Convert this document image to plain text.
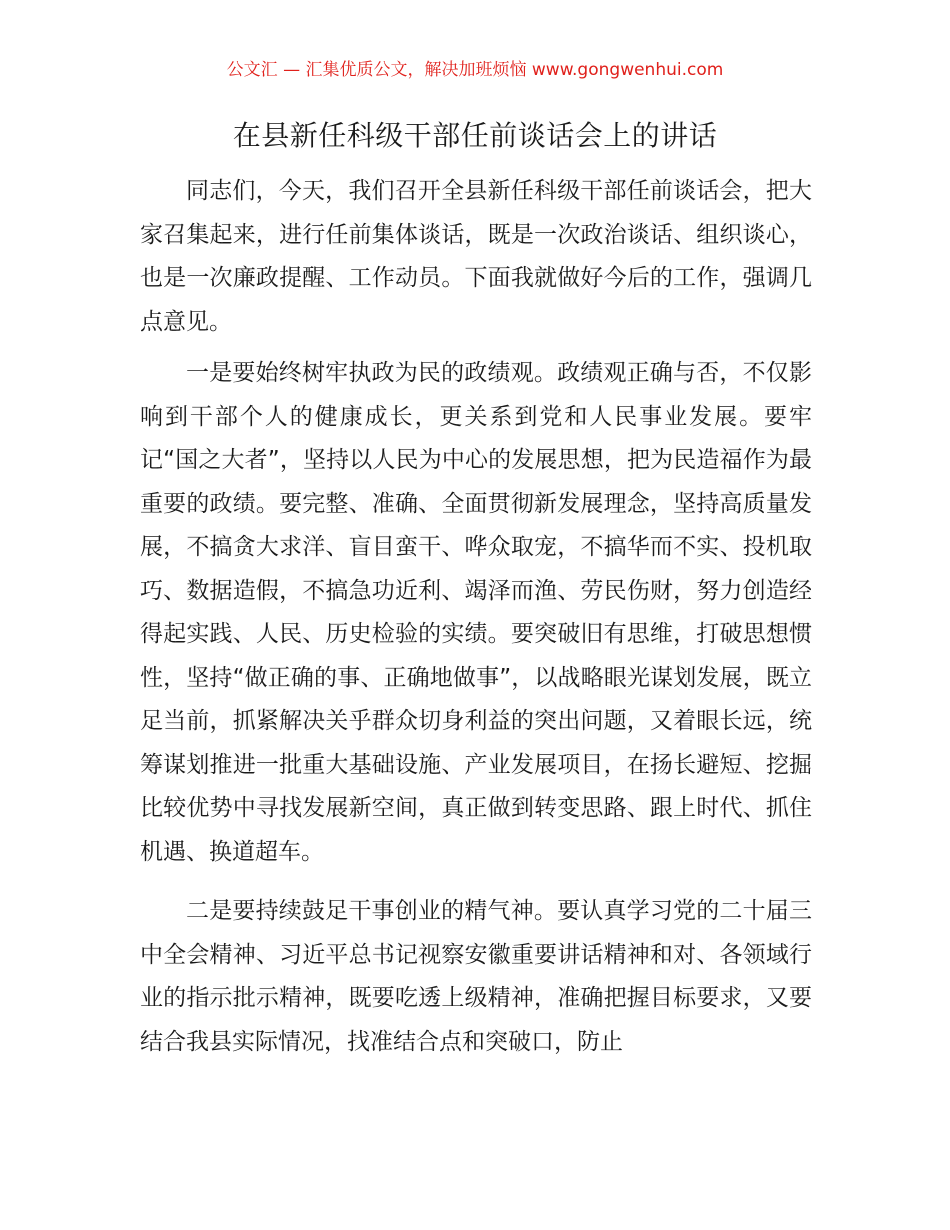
公文汇 — 汇集优质公文，解决加班烦恼 www.gongwenhui.com
在县新任科级干部任前谈话会上的讲话

同志们，今天，我们召开全县新任科级干部任前谈话会，把大家召集起来，进行任前集体谈话，既是一次政治谈话、组织谈心，也是一次廉政提醒、工作动员。下面我就做好今后的工作，强调几点意见。

一是要始终树牢执政为民的政绩观。政绩观正确与否，不仅影响到干部个人的健康成长，更关系到党和人民事业发展。要牢记“国之大者”，坚持以人民为中心的发展思想，把为民造福作为最重要的政绩。要完整、准确、全面贯彻新发展理念，坚持高质量发展，不搞贪大求洋、盲目蛮干、哗众取宠，不搞华而不实、投机取巧、数据造假，不搞急功近利、竭泽而渔、劳民伤财，努力创造经得起实践、人民、历史检验的实绩。要突破旧有思维，打破思想惯性，坚持“做正确的事、正确地做事”，以战略眼光谋划发展，既立足当前，抓紧解决关乎群众切身利益的突出问题，又着眼长远，统筹谋划推进一批重大基础设施、产业发展项目，在扬长避短、挖掘比较优势中寻找发展新空间，真正做到转变思路、跟上时代、抓住机遇、换道超车。

二是要持续鼓足干事创业的精气神。要认真学习党的二十届三中全会精神、习近平总书记视察安徽重要讲话精神和对、各领域行业的指示批示精神，既要吃透上级精神，准确把握目标要求，又要结合我县实际情况，找准结合点和突破口，防止
